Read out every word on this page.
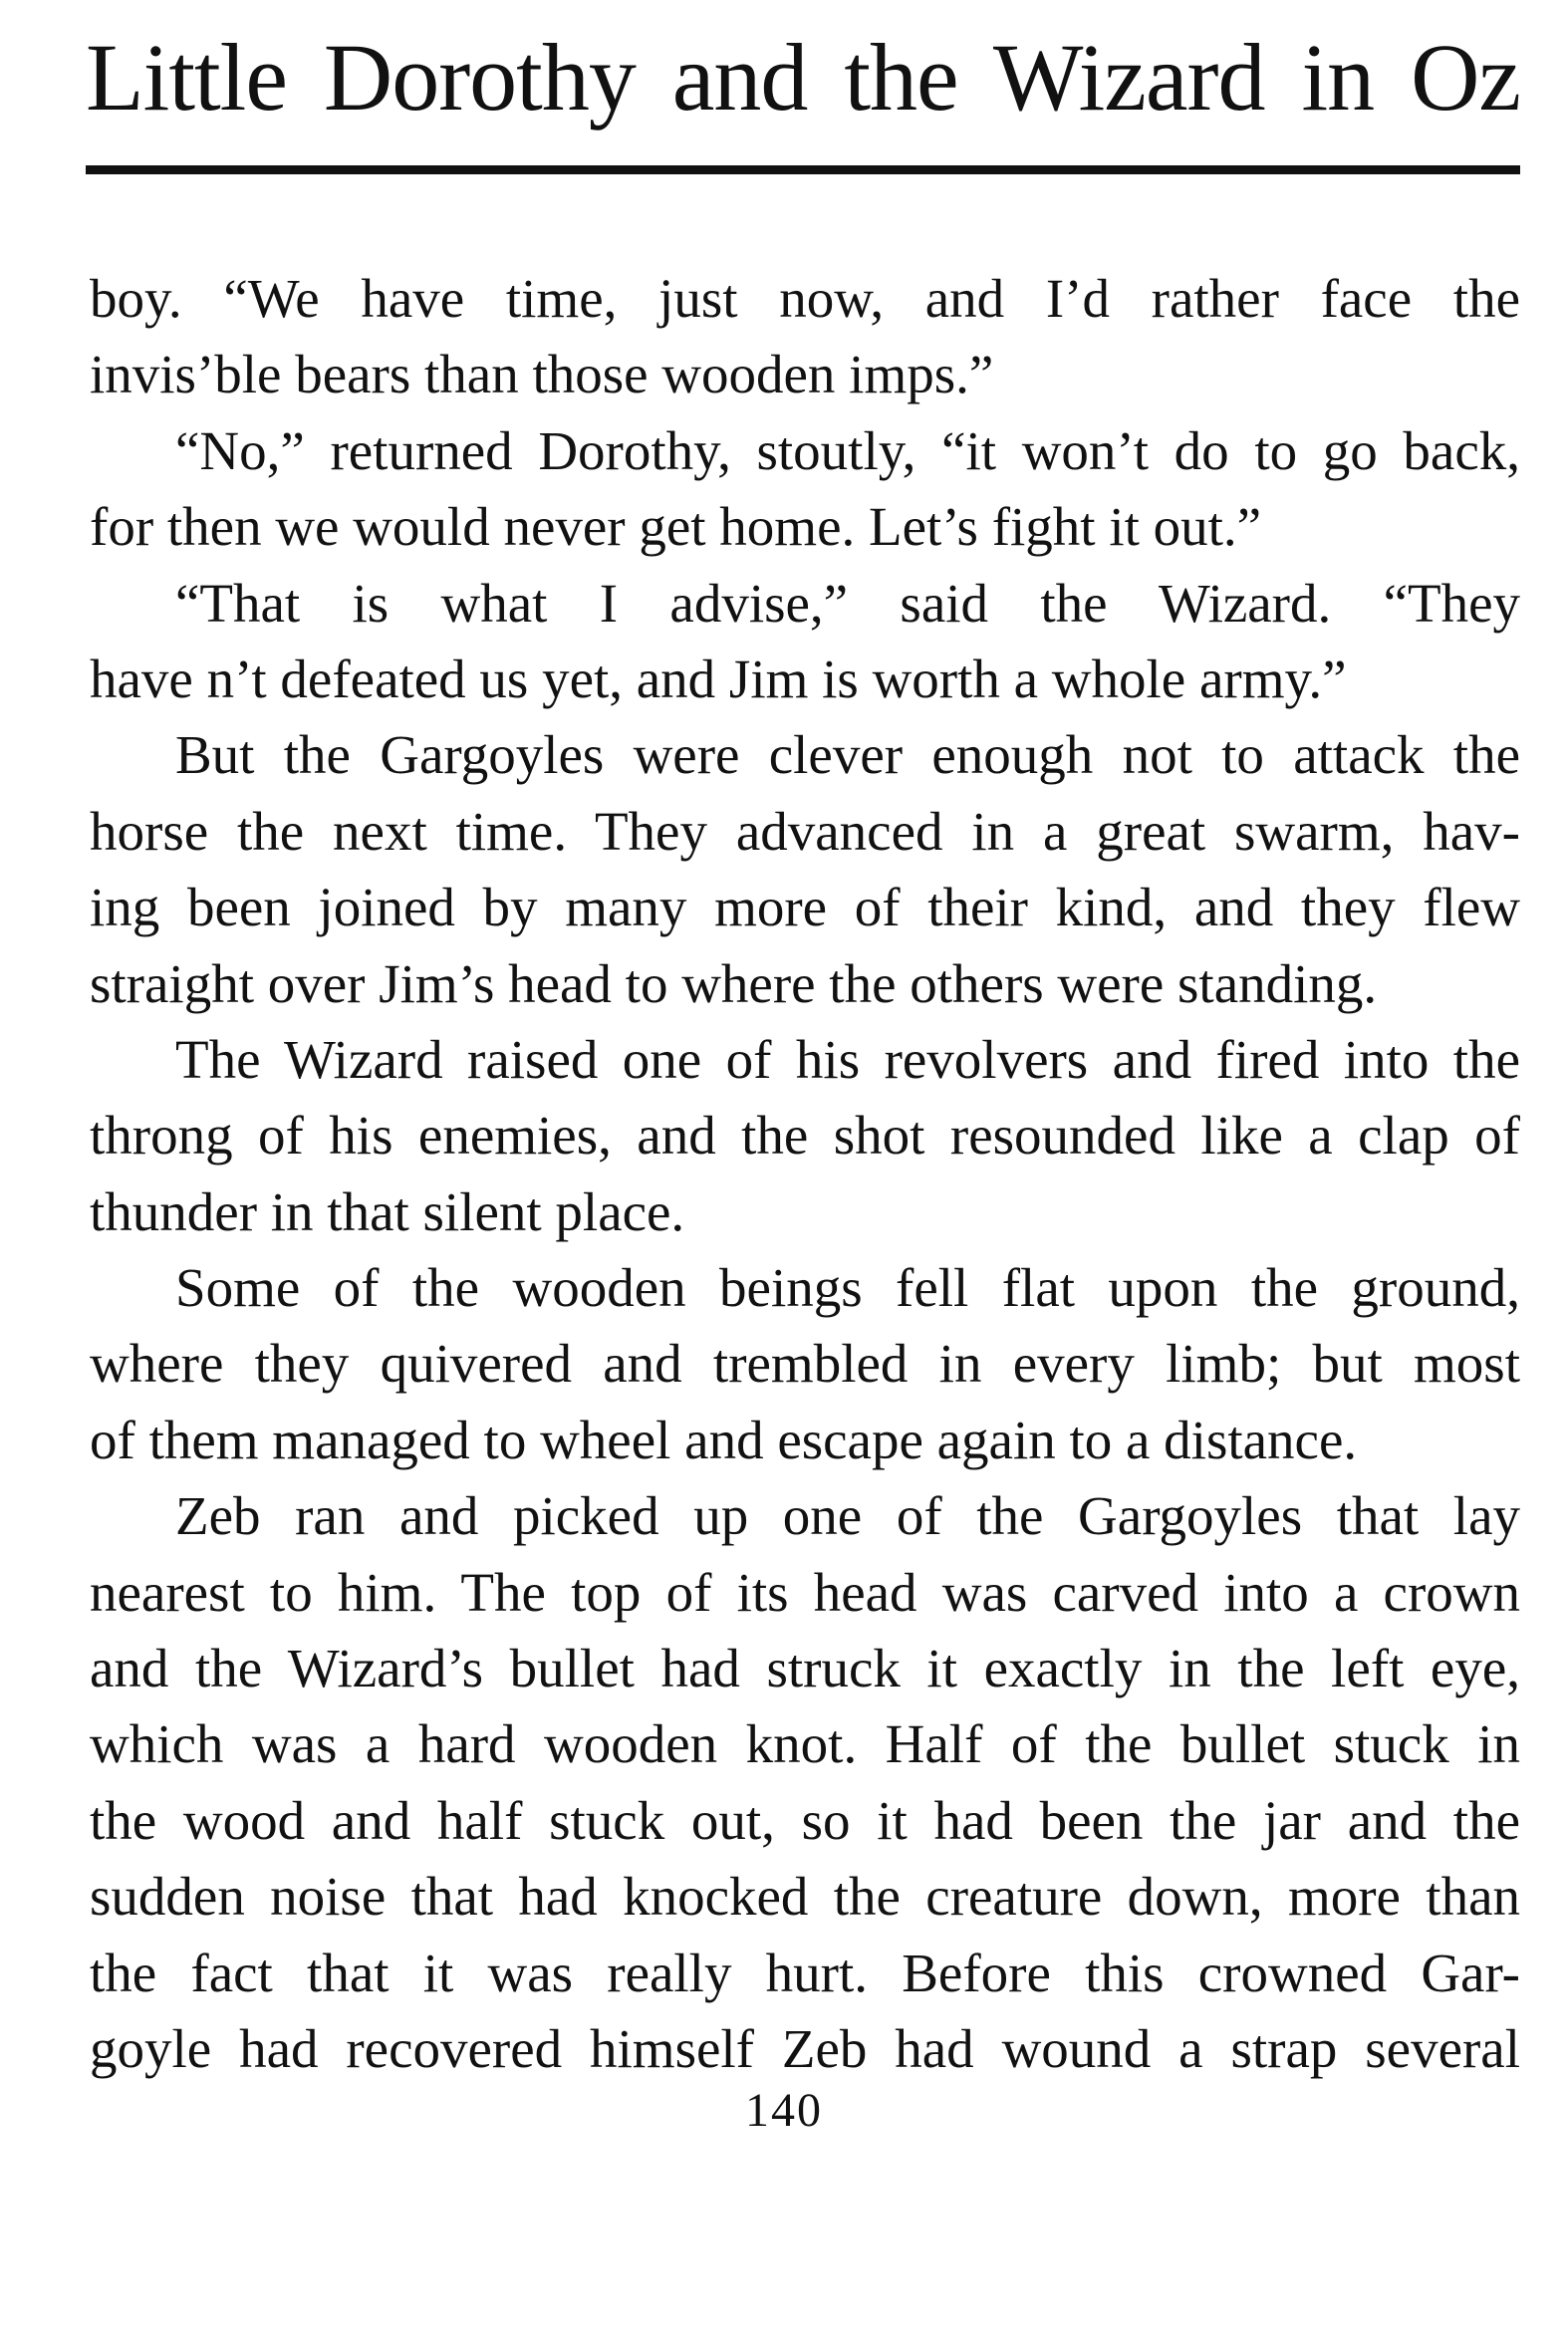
Little Dorothy and the Wizard in Oz
boy. “We have time, just now, and I’d rather face the
invis’ble bears than those wooden imps.”
“No,” returned Dorothy, stoutly, “it won’t do to go back,
for then we would never get home. Let’s fight it out.”
“That is what I advise,” said the Wizard. “They
have n’t defeated us yet, and Jim is worth a whole army.”
But the Gargoyles were clever enough not to attack the
horse the next time. They advanced in a great swarm, hav-
ing been joined by many more of their kind, and they flew
straight over Jim’s head to where the others were standing.
The Wizard raised one of his revolvers and fired into the
throng of his enemies, and the shot resounded like a clap of
thunder in that silent place.
Some of the wooden beings fell flat upon the ground,
where they quivered and trembled in every limb; but most
of them managed to wheel and escape again to a distance.
Zeb ran and picked up one of the Gargoyles that lay
nearest to him. The top of its head was carved into a crown
and the Wizard’s bullet had struck it exactly in the left eye,
which was a hard wooden knot. Half of the bullet stuck in
the wood and half stuck out, so it had been the jar and the
sudden noise that had knocked the creature down, more than
the fact that it was really hurt. Before this crowned Gar-
goyle had recovered himself Zeb had wound a strap several
140
